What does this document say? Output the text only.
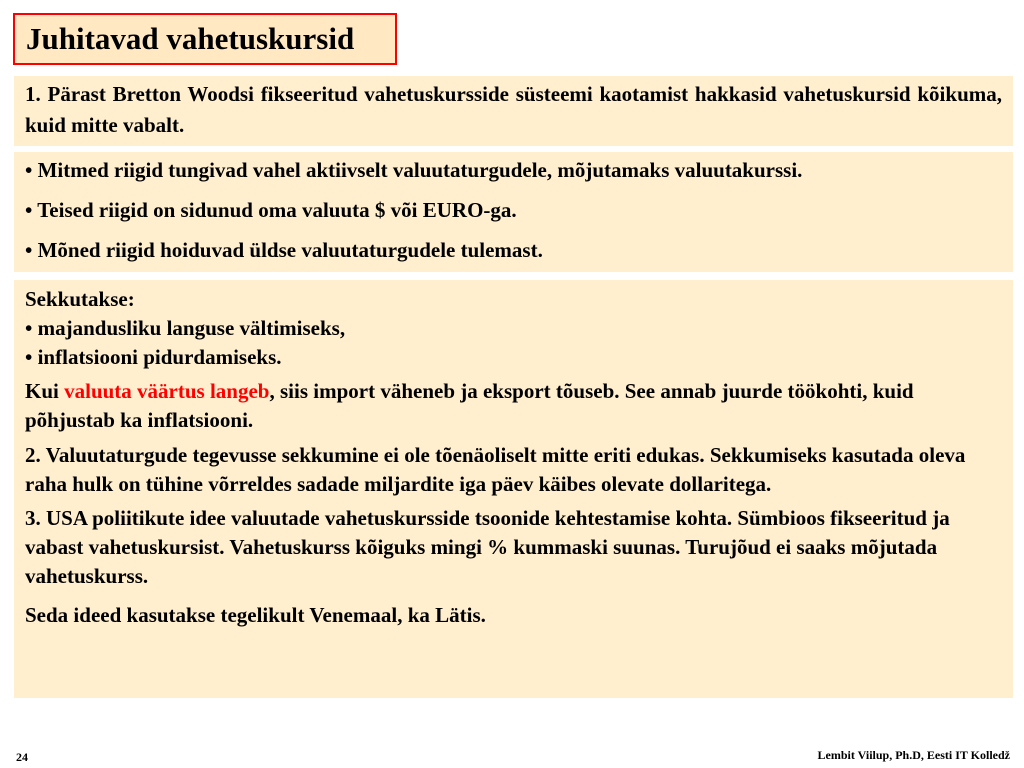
Juhitavad vahetuskursid
1. Pärast Bretton Woodsi fikseeritud vahetuskursside süsteemi kaotamist hakkasid vahetuskursid kõikuma, kuid mitte vabalt.

• Mitmed riigid tungivad vahel aktiivselt valuutaturgudele, mõjutamaks valuutakurssi.

• Teised riigid on sidunud oma valuuta $ või EURO-ga.

• Mõned riigid hoiduvad üldse valuutaturgudele tulemast.

Sekkutakse:

• majandusliku languse vältimiseks,

• inflatsiooni pidurdamiseks.

Kui valuuta väärtus langeb, siis import väheneb ja eksport tõuseb. See annab juurde töökohti, kuid põhjustab ka inflatsiooni.

2. Valuutaturgude tegevusse sekkumine ei ole tõenäoliselt mitte eriti edukas. Sekkumiseks kasutada oleva raha hulk on tühine võrreldes sadade miljardite iga päev käibes olevate dollaritega.

3. USA poliitikute idee valuutade vahetuskursside tsoonide kehtestamise kohta. Sümbioos fikseeritud ja vabast vahetuskursist. Vahetuskurss kõiguks mingi % kummaski suunas. Turujõud ei saaks mõjutada vahetuskurss.

Seda ideed kasutakse tegelikult Venemaal, ka Lätis.

24	Lembit Viilup, Ph.D, Eesti IT Kolledž
